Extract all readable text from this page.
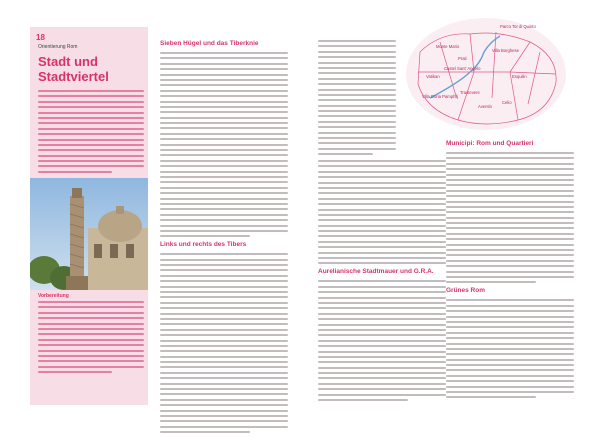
18
Orientierung Rom
Stadt und Stadtviertel
Vorbereitung
Sieben Hügel und das Tiberknie
Links und rechts des Tibers
Aurelianische Stadtmauer und G.R.A.
Parco Tor di Quinto
Monte Mario
Prati
Castel Sant' Angelo
Vatikan
Villa Doria Pamphilj
Trastevere
Aventin
Celio
Esquilin
Villa Borghese
Municipi: Rom und Quartieri
Grünes Rom
